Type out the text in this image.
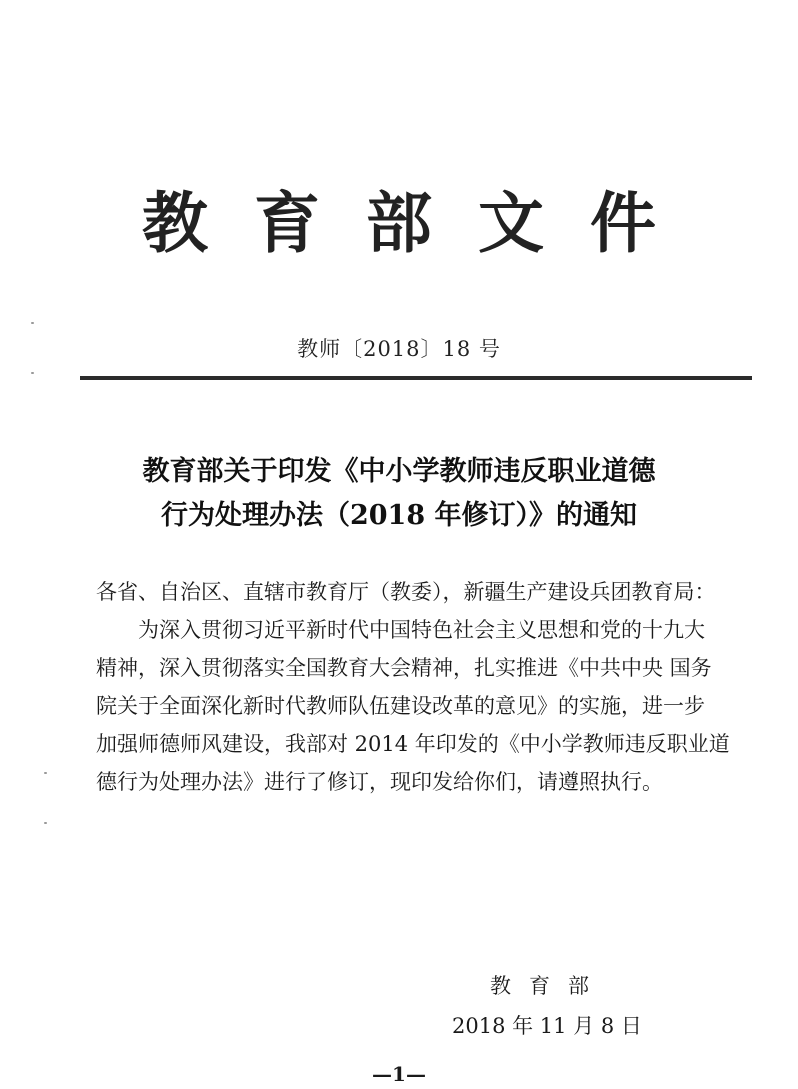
教 育 部 文 件
教师〔2018〕18 号
教育部关于印发《中小学教师违反职业道德
行为处理办法（2018 年修订）》的通知
各省、自治区、直辖市教育厅（教委），新疆生产建设兵团教育局：
为深入贯彻习近平新时代中国特色社会主义思想和党的十九大
精神，深入贯彻落实全国教育大会精神，扎实推进《中共中央 国务
院关于全面深化新时代教师队伍建设改革的意见》的实施，进一步
加强师德师风建设，我部对 2014 年印发的《中小学教师违反职业道
德行为处理办法》进行了修订，现印发给你们，请遵照执行。
教育部
2018 年 11 月 8 日
—1—
